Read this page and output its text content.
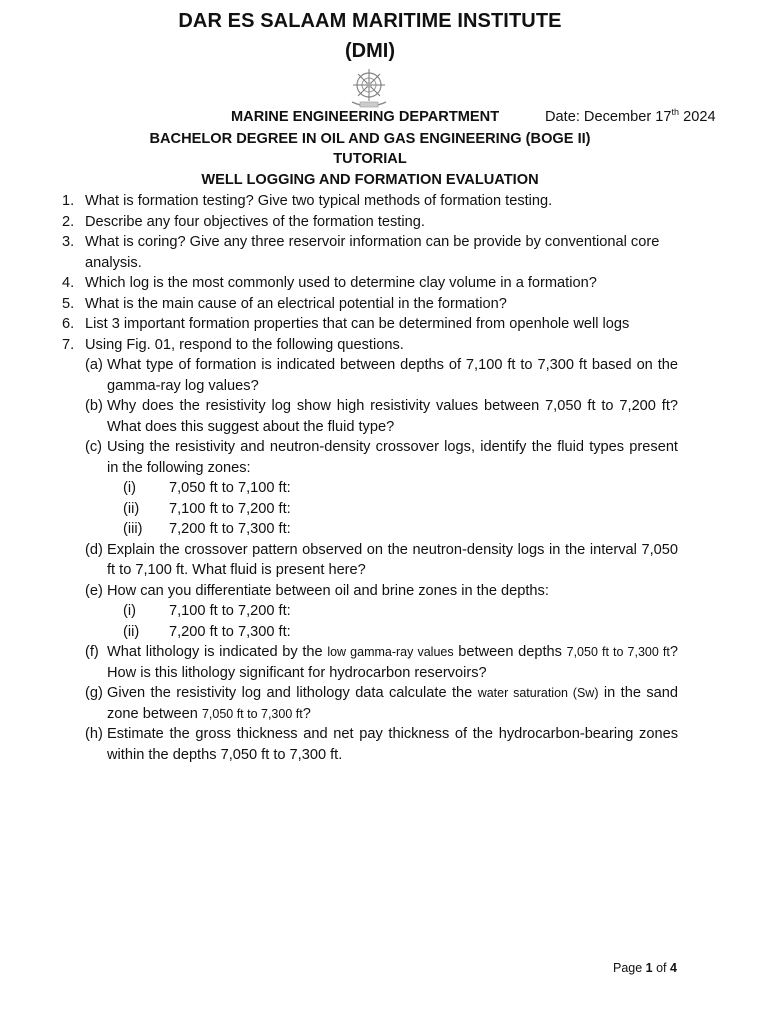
DAR ES SALAAM MARITIME INSTITUTE
(DMI)
MARINE ENGINEERING DEPARTMENT	Date: December 17th 2024
BACHELOR DEGREE IN OIL AND GAS ENGINEERING (BOGE II)
TUTORIAL
WELL LOGGING AND FORMATION EVALUATION
1. What is formation testing? Give two typical methods of formation testing.
2. Describe any four objectives of the formation testing.
3. What is coring? Give any three reservoir information can be provide by conventional core analysis.
4. Which log is the most commonly used to determine clay volume in a formation?
5. What is the main cause of an electrical potential in the formation?
6. List 3 important formation properties that can be determined from openhole well logs
7. Using Fig. 01, respond to the following questions.
(a) What type of formation is indicated between depths of 7,100 ft to 7,300 ft based on the gamma-ray log values?
(b) Why does the resistivity log show high resistivity values between 7,050 ft to 7,200 ft? What does this suggest about the fluid type?
(c) Using the resistivity and neutron-density crossover logs, identify the fluid types present in the following zones:
(i) 7,050 ft to 7,100 ft:
(ii) 7,100 ft to 7,200 ft:
(iii) 7,200 ft to 7,300 ft:
(d) Explain the crossover pattern observed on the neutron-density logs in the interval 7,050 ft to 7,100 ft. What fluid is present here?
(e) How can you differentiate between oil and brine zones in the depths:
(i) 7,100 ft to 7,200 ft:
(ii) 7,200 ft to 7,300 ft:
(f) What lithology is indicated by the low gamma-ray values between depths 7,050 ft to 7,300 ft? How is this lithology significant for hydrocarbon reservoirs?
(g) Given the resistivity log and lithology data calculate the water saturation (Sw) in the sand zone between 7,050 ft to 7,300 ft?
(h) Estimate the gross thickness and net pay thickness of the hydrocarbon-bearing zones within the depths 7,050 ft to 7,300 ft.
Page 1 of 4
